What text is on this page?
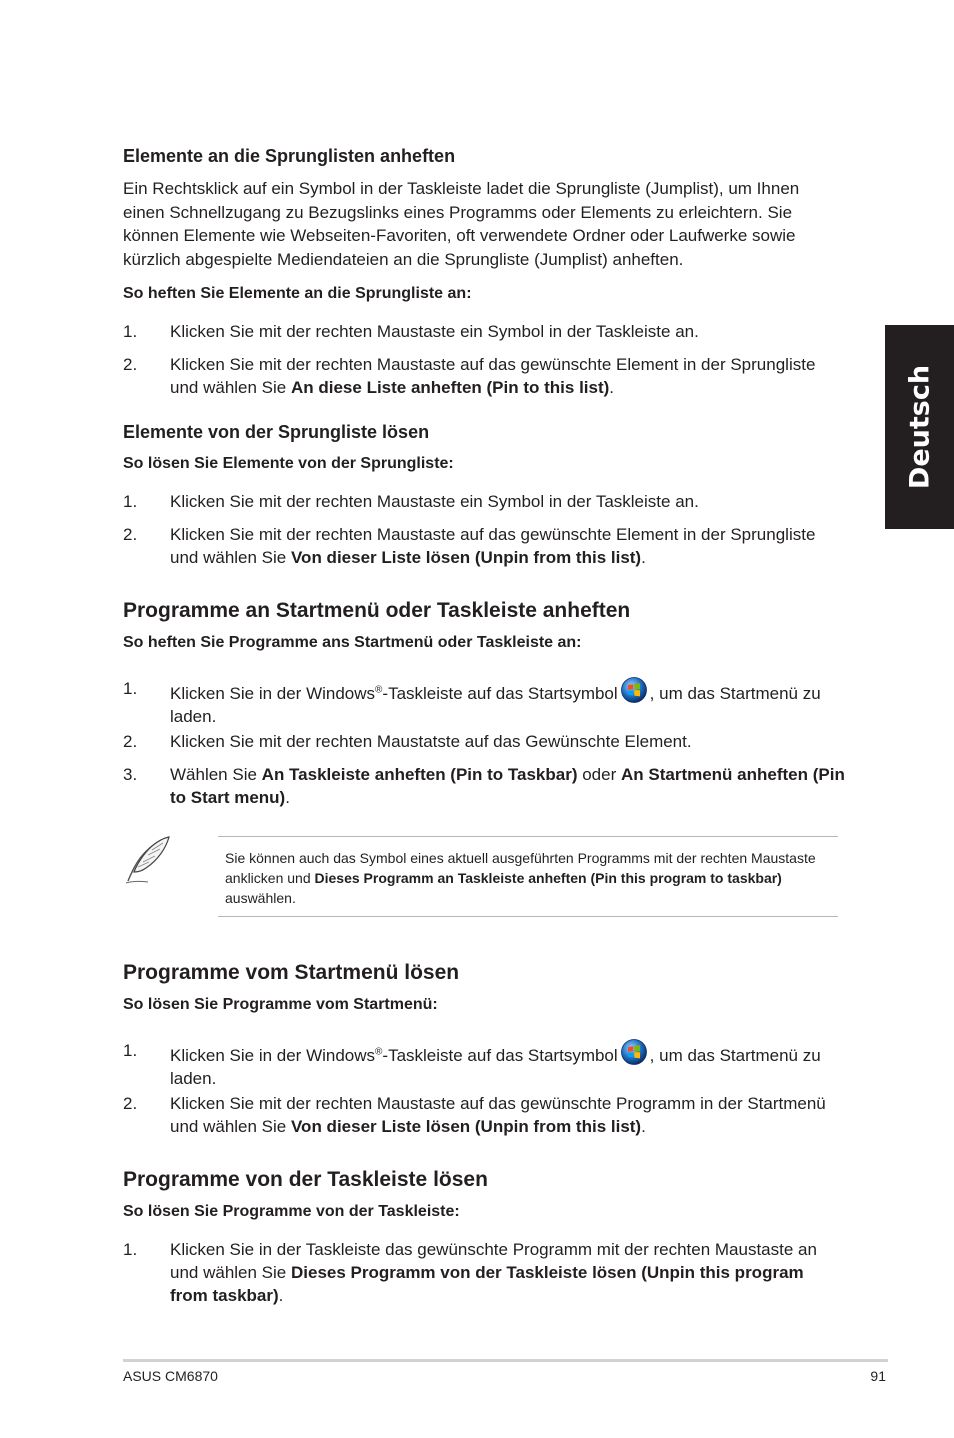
Deutsch
Elemente an die Sprunglisten anheften
Ein Rechtsklick auf ein Symbol in der Taskleiste ladet die Sprungliste (Jumplist), um Ihnen einen Schnellzugang zu Bezugslinks eines Programms oder Elements zu erleichtern. Sie können Elemente wie Webseiten-Favoriten, oft verwendete Ordner oder Laufwerke sowie kürzlich abgespielte Mediendateien an die Sprungliste (Jumplist) anheften.
So heften Sie Elemente an die Sprungliste an:
1. Klicken Sie mit der rechten Maustaste ein Symbol in der Taskleiste an.
2. Klicken Sie mit der rechten Maustaste auf das gewünschte Element in der Sprungliste und wählen Sie An diese Liste anheften (Pin to this list).
Elemente von der Sprungliste lösen
So lösen Sie Elemente von der Sprungliste:
1. Klicken Sie mit der rechten Maustaste ein Symbol in der Taskleiste an.
2. Klicken Sie mit der rechten Maustaste auf das gewünschte Element in der Sprungliste und wählen Sie Von dieser Liste lösen (Unpin from this list).
Programme an Startmenü oder Taskleiste anheften
So heften Sie Programme ans Startmenü oder Taskleiste an:
1. Klicken Sie in der Windows®-Taskleiste auf das Startsymbol , um das Startmenü zu laden.
2. Klicken Sie mit der rechten Maustatste auf das Gewünschte Element.
3. Wählen Sie An Taskleiste anheften (Pin to Taskbar) oder An Startmenü anheften (Pin to Start menu).
Sie können auch das Symbol eines aktuell ausgeführten Programms mit der rechten Maustaste anklicken und Dieses Programm an Taskleiste anheften (Pin this program to taskbar) auswählen.
Programme vom Startmenü lösen
So lösen Sie Programme vom Startmenü:
1. Klicken Sie in der Windows®-Taskleiste auf das Startsymbol , um das Startmenü zu laden.
2. Klicken Sie mit der rechten Maustaste auf das gewünschte Programm in der Startmenü und wählen Sie Von dieser Liste lösen (Unpin from this list).
Programme von der Taskleiste lösen
So lösen Sie Programme von der Taskleiste:
1. Klicken Sie in der Taskleiste das gewünschte Programm mit der rechten Maustaste an und wählen Sie Dieses Programm von der Taskleiste lösen (Unpin this program from taskbar).
ASUS CM6870	91
